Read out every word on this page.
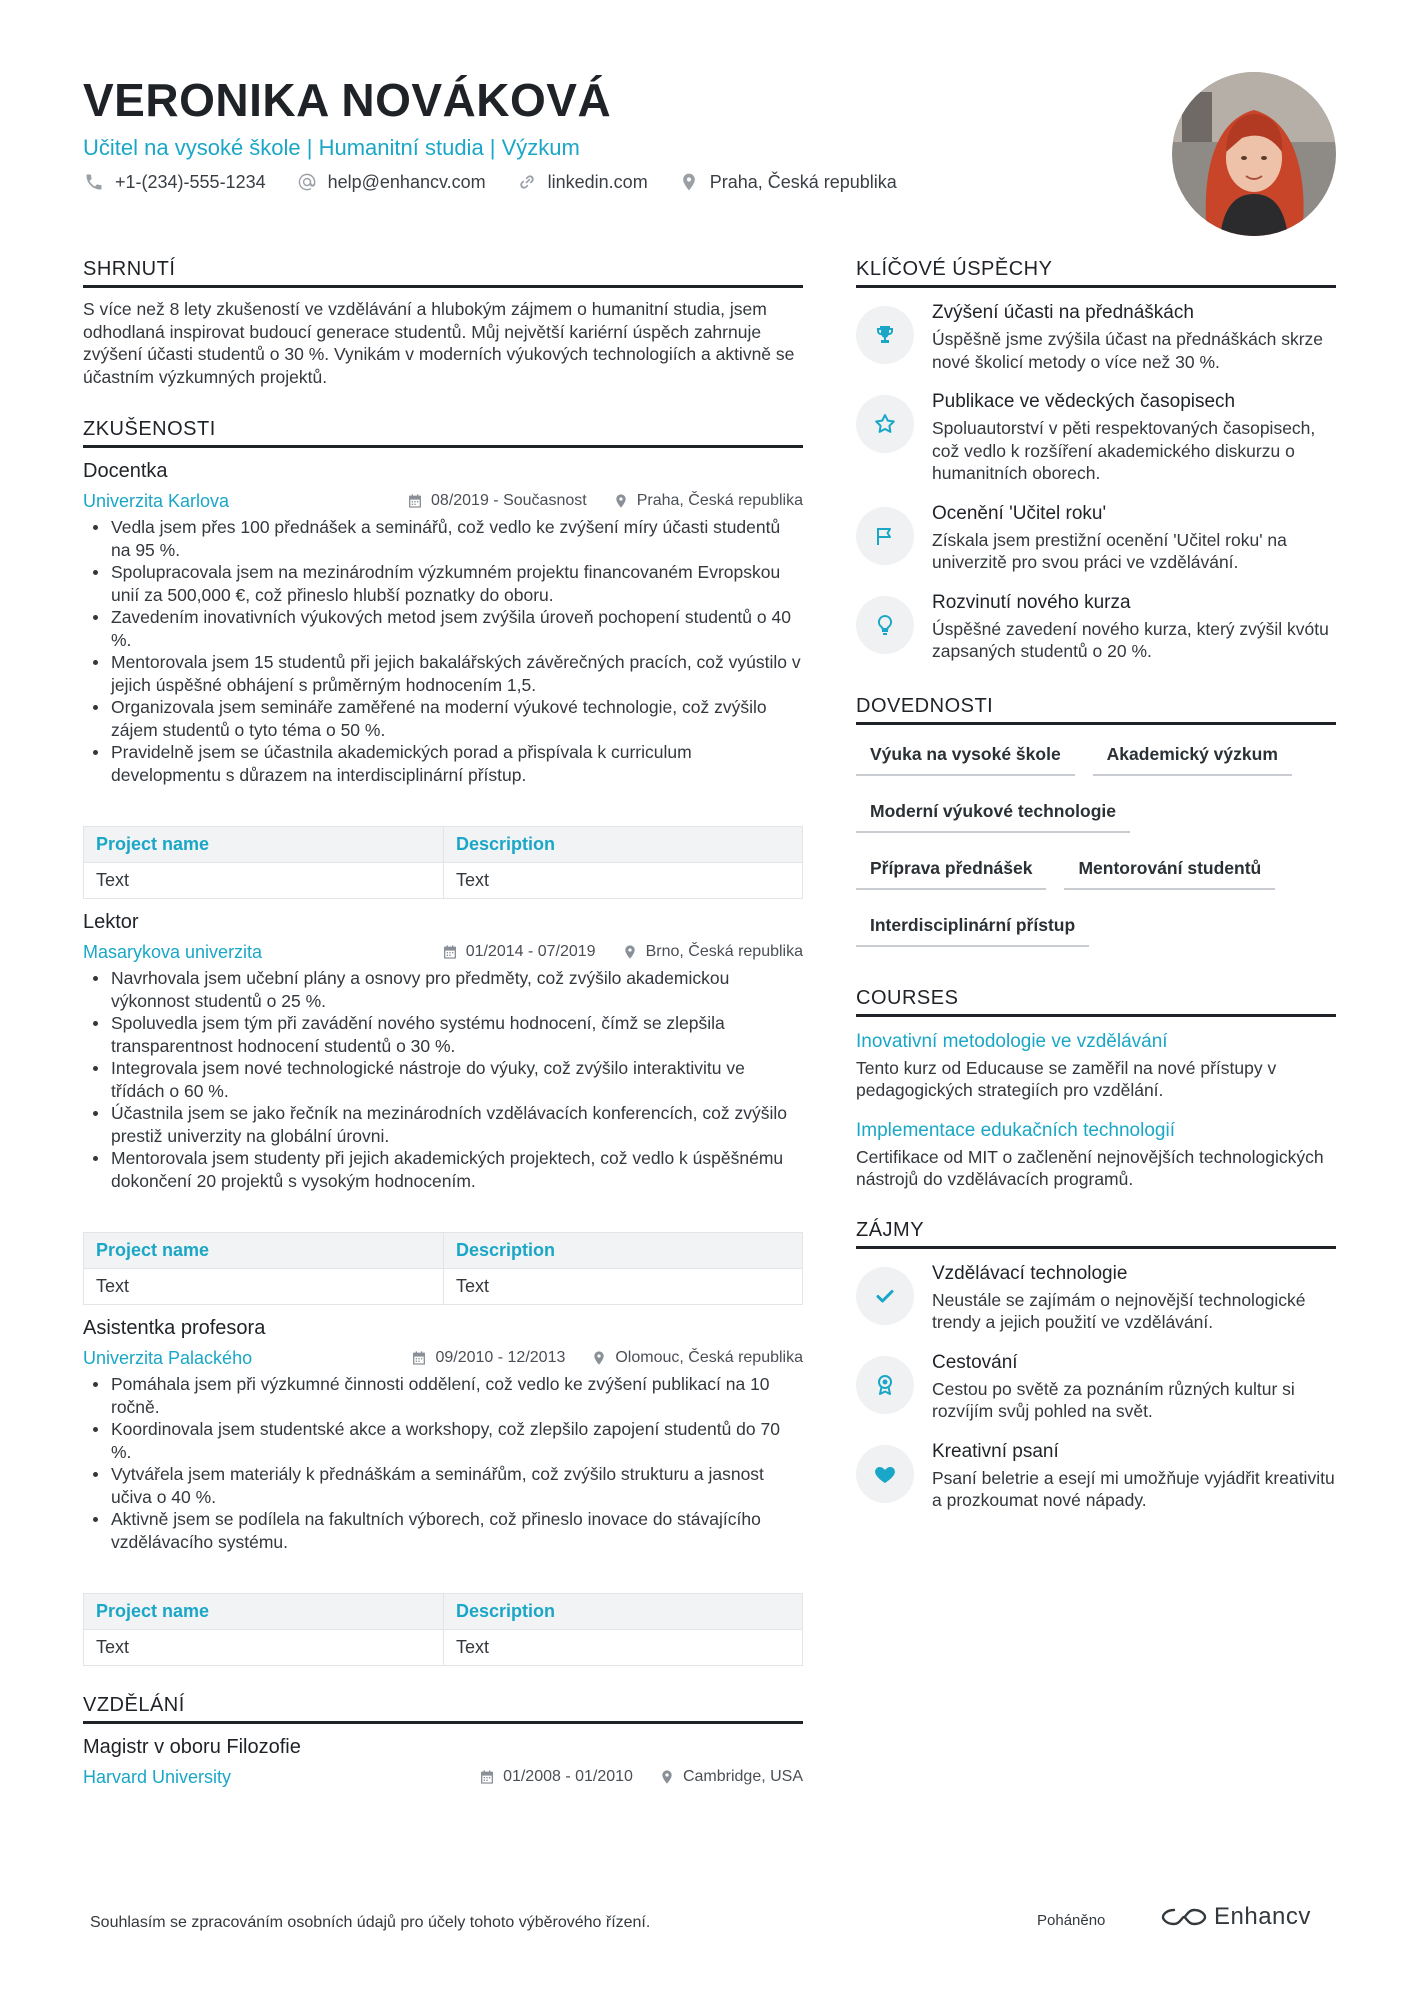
VERONIKA NOVÁKOVÁ
Učitel na vysoké škole | Humanitní studia | Výzkum
+1-(234)-555-1234	help@enhancv.com	linkedin.com	Praha, Česká republika
SHRNUTÍ
S více než 8 lety zkušeností ve vzdělávání a hlubokým zájmem o humanitní studia, jsem odhodlaná inspirovat budoucí generace studentů. Můj největší kariérní úspěch zahrnuje zvýšení účasti studentů o 30 %. Vynikám v moderních výukových technologiích a aktivně se účastním výzkumných projektů.
ZKUŠENOSTI
Docentka
Univerzita Karlova	08/2019 - Současnost	Praha, Česká republika
Vedla jsem přes 100 přednášek a seminářů, což vedlo ke zvýšení míry účasti studentů na 95 %.
Spolupracovala jsem na mezinárodním výzkumném projektu financovaném Evropskou unií za 500,000 €, což přineslo hlubší poznatky do oboru.
Zavedením inovativních výukových metod jsem zvýšila úroveň pochopení studentů o 40 %.
Mentorovala jsem 15 studentů při jejich bakalářských závěrečných pracích, což vyústilo v jejich úspěšné obhájení s průměrným hodnocením 1,5.
Organizovala jsem semináře zaměřené na moderní výukové technologie, což zvýšilo zájem studentů o tyto téma o 50 %.
Pravidelně jsem se účastnila akademických porad a přispívala k curriculum developmentu s důrazem na interdisciplinární přístup.
Project name	Description
Text	Text
Lektor
Masarykova univerzita	01/2014 - 07/2019	Brno, Česká republika
Navrhovala jsem učební plány a osnovy pro předměty, což zvýšilo akademickou výkonnost studentů o 25 %.
Spoluvedla jsem tým při zavádění nového systému hodnocení, čímž se zlepšila transparentnost hodnocení studentů o 30 %.
Integrovala jsem nové technologické nástroje do výuky, což zvýšilo interaktivitu ve třídách o 60 %.
Účastnila jsem se jako řečník na mezinárodních vzdělávacích konferencích, což zvýšilo prestiž univerzity na globální úrovni.
Mentorovala jsem studenty při jejich akademických projektech, což vedlo k úspěšnému dokončení 20 projektů s vysokým hodnocením.
Project name	Description
Text	Text
Asistentka profesora
Univerzita Palackého	09/2010 - 12/2013	Olomouc, Česká republika
Pomáhala jsem při výzkumné činnosti oddělení, což vedlo ke zvýšení publikací na 10 ročně.
Koordinovala jsem studentské akce a workshopy, což zlepšilo zapojení studentů do 70 %.
Vytvářela jsem materiály k přednáškám a seminářům, což zvýšilo strukturu a jasnost učiva o 40 %.
Aktivně jsem se podílela na fakultních výborech, což přineslo inovace do stávajícího vzdělávacího systému.
Project name	Description
Text	Text
VZDĚLÁNÍ
Magistr v oboru Filozofie
Harvard University	01/2008 - 01/2010	Cambridge, USA
KLÍČOVÉ ÚSPĚCHY
Zvýšení účasti na přednáškách
Úspěšně jsme zvýšila účast na přednáškách skrze nové školicí metody o více než 30 %.
Publikace ve vědeckých časopisech
Spoluautorství v pěti respektovaných časopisech, což vedlo k rozšíření akademického diskurzu o humanitních oborech.
Ocenění 'Učitel roku'
Získala jsem prestižní ocenění 'Učitel roku' na univerzitě pro svou práci ve vzdělávání.
Rozvinutí nového kurza
Úspěšné zavedení nového kurza, který zvýšil kvótu zapsaných studentů o 20 %.
DOVEDNOSTI
Výuka na vysoké škole	Akademický výzkum
Moderní výukové technologie
Příprava přednášek	Mentorování studentů
Interdisciplinární přístup
COURSES
Inovativní metodologie ve vzdělávání
Tento kurz od Educause se zaměřil na nové přístupy v pedagogických strategiích pro vzdělání.
Implementace edukačních technologií
Certifikace od MIT o začlenění nejnovějších technologických nástrojů do vzdělávacích programů.
ZÁJMY
Vzdělávací technologie
Neustále se zajímám o nejnovější technologické trendy a jejich použití ve vzdělávání.
Cestování
Cestou po světě za poznáním různých kultur si rozvíjím svůj pohled na svět.
Kreativní psaní
Psaní beletrie a esejí mi umožňuje vyjádřit kreativitu a prozkoumat nové nápady.
Souhlasím se zpracováním osobních údajů pro účely tohoto výběrového řízení.	Poháněno	Enhancv
